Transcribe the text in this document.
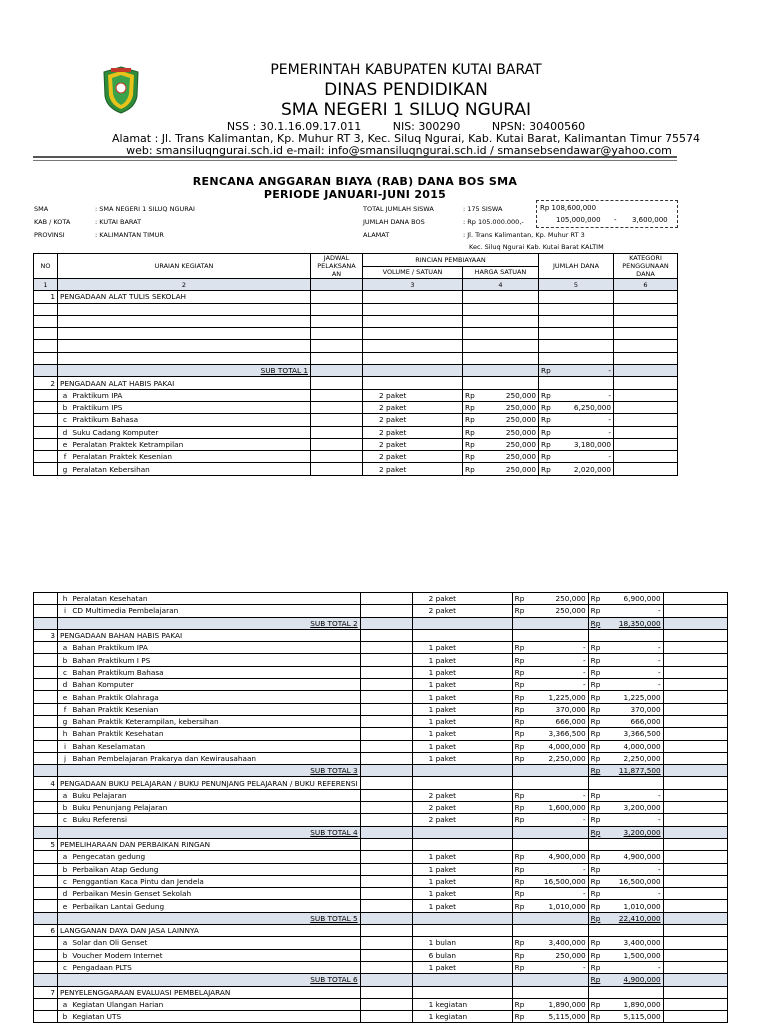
PEMERINTAH KABUPATEN KUTAI BARAT
DINAS PENDIDIKAN
SMA NEGERI 1 SILUQ NGURAI
NSS : 30.1.16.09.17.011	NIS: 300290	NPSN: 30400560
Alamat : Jl. Trans Kalimantan, Kp. Muhur RT 3, Kec. Siluq Ngurai, Kab. Kutai Barat, Kalimantan Timur 75574
web: smansiluqngurai.sch.id e-mail: info@smansiluqngurai.sch.id / smansebsendawar@yahoo.com
RENCANA ANGGARAN BIAYA (RAB) DANA BOS SMA
PERIODE JANUARI-JUNI 2015
SMA	: SMA NEGERI 1 SILUQ NGURAI
KAB / KOTA	: KUTAI BARAT
PROVINSI	: KALIMANTAN TIMUR
TOTAL JUMLAH SISWA	: 175 SISWA
JUMLAH DANA BOS	: Rp 105.000.000,-
ALAMAT	: Jl. Trans Kalimantan, Kp. Muhur RT 3
Kec. Siluq Ngurai Kab. Kutai Barat KALTIM
Rp 108,600,000
105,000,000 - 3,600,000
NO	URAIAN KEGIATAN	JADWAL PELAKSANA AN	RINCIAN PEMBIAYAAN		JUMLAH DANA	KATEGORI PENGGUNAAN DANA
			VOLUME / SATUAN	HARGA SATUAN		
1	2		3	4	5	6
1	PENGADAAN ALAT TULIS SEKOLAH					

	SUB TOTAL 1				Rp -	

2	PENGADAAN ALAT HABIS PAKAI					
	a Praktikum IPA		2 paket	Rp 250,000	Rp -	

	b Praktikum IPS		2 paket	Rp 250,000	Rp 6,250,000	

	c Praktikum Bahasa		2 paket	Rp 250,000	Rp -	

	d Suku Cadang Komputer		2 paket	Rp 250,000	Rp -	

	e Peralatan Praktek Ketrampilan		2 paket	Rp 250,000	Rp 3,180,000	

	f Peralatan Praktek Kesenian		2 paket	Rp 250,000	Rp -	

	g Peralatan Kebersihan		2 paket	Rp 250,000	Rp 2,020,000	

	h Peralatan Kesehatan		2 paket	Rp 250,000	Rp 6,900,000	

	i CD Multimedia Pembelajaran		2 paket	Rp 250,000	Rp -	

	SUB TOTAL 2				Rp 18,350,000	

3	PENGADAAN BAHAN HABIS PAKAI					
	a Bahan Praktikum IPA		1 paket	Rp -	Rp -	

	b Bahan Praktikum I PS		1 paket	Rp -	Rp -	

	c Bahan Praktikum Bahasa		1 paket	Rp -	Rp -	

	d Bahan Komputer		1 paket	Rp -	Rp -	

	e Bahan Praktik Olahraga		1 paket	Rp 1,225,000	Rp 1,225,000	

	f Bahan Praktik Kesenian		1 paket	Rp 370,000	Rp 370,000	

	g Bahan Praktik Keterampilan, kebersihan		1 paket	Rp 666,000	Rp 666,000	

	h Bahan Praktik Kesehatan		1 paket	Rp 3,366,500	Rp 3,366,500	

	i Bahan Keselamatan		1 paket	Rp 4,000,000	Rp 4,000,000	

	j Bahan Pembelajaran Prakarya dan Kewirausahaan		1 paket	Rp 2,250,000	Rp 2,250,000	

	SUB TOTAL 3				Rp 11,877,500	

4	PENGADAAN BUKU PELAJARAN / BUKU PENUNJANG PELAJARAN / BUKU REFERENSI					
	a Buku Pelajaran		2 paket	Rp -	Rp -	

	b Buku Penunjang Pelajaran		2 paket	Rp 1,600,000	Rp 3,200,000	

	c Buku Referensi		2 paket	Rp -	Rp -	

	SUB TOTAL 4				Rp 3,200,000	

5	PEMELIHARAAN DAN PERBAIKAN RINGAN					
	a Pengecatan gedung		1 paket	Rp 4,900,000	Rp 4,900,000	

	b Perbaikan Atap Gedung		1 paket	Rp -	Rp -	

	c Penggantian Kaca Pintu dan Jendela		1 paket	Rp 16,500,000	Rp 16,500,000	

	d Perbaikan Mesin Genset Sekolah		1 paket	Rp -	Rp -	

	e Perbaikan Lantai Gedung		1 paket	Rp 1,010,000	Rp 1,010,000	

	SUB TOTAL 5				Rp 22,410,000	

6	LANGGANAN DAYA DAN JASA LAINNYA					
	a Solar dan Oli Genset		1 bulan	Rp 3,400,000	Rp 3,400,000	

	b Voucher Modem Internet		6 bulan	Rp 250,000	Rp 1,500,000	

	c Pengadaan PLTS		1 paket	Rp -	Rp -	

	SUB TOTAL 6				Rp 4,900,000	

7	PENYELENGGARAAN EVALUASI PEMBELAJARAN					
	a Kegiatan Ulangan Harian		1 kegiatan	Rp 1,890,000	Rp 1,890,000	

	b Kegiatan UTS		1 kegiatan	Rp 5,115,000	Rp 5,115,000	
